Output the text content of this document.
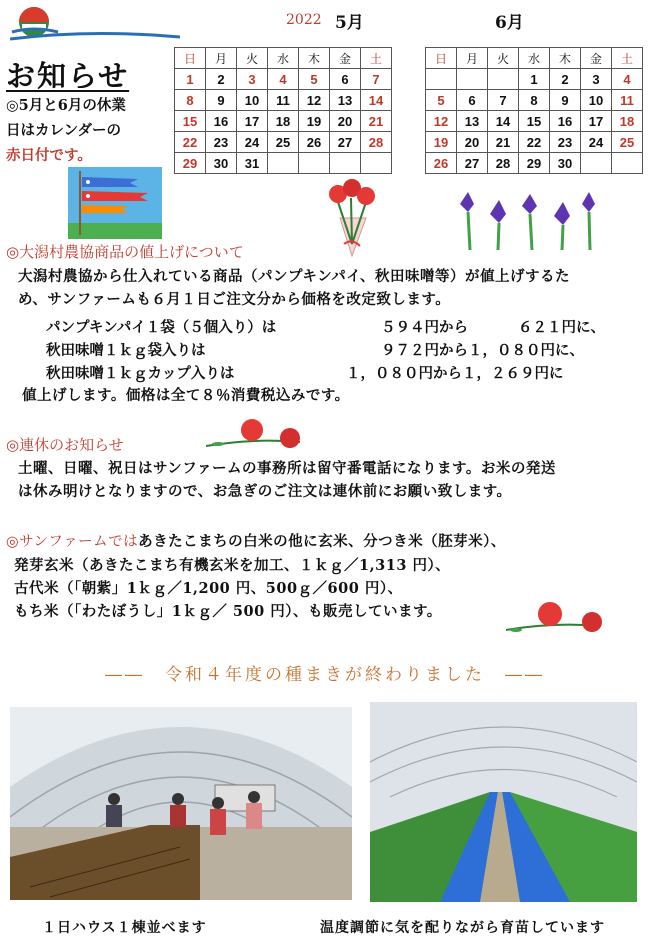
2022 5月	6月
お知らせ
◎5月と6月の休業
日はカレンダーの
赤日付です。
日	月	火	水	木	金	土
1	2	3	4	5	6	7
8	9	10	11	12	13	14
15	16	17	18	19	20	21
22	23	24	25	26	27	28
29	30	31				
日	月	火	水	木	金	土
			1	2	3	4
5	6	7	8	9	10	11
12	13	14	15	16	17	18
19	20	21	22	23	24	25
26	27	28	29	30		
◎大潟村農協商品の値上げについて
大潟村農協から仕入れている商品（パンプキンパイ、秋田味噌等）が値上げするた
め、サンファームも６月１日ご注文分から価格を改定致します。
パンプキンパイ１袋（５個入り）は	５９４円から	６２１円に、
秋田味噌１ｋｇ袋入りは	９７２円から１，０８０円に、
秋田味噌１ｋｇカップ入りは	１，０８０円から１，２６９円に
値上げします。価格は全て８％消費税込みです。
◎連休のお知らせ
土曜、日曜、祝日はサンファームの事務所は留守番電話になります。お米の発送
は休み明けとなりますので、お急ぎのご注文は連休前にお願い致します。
◎サンファームではあきたこまちの白米の他に玄米、分つき米（胚芽米）、
発芽玄米（あきたこまち有機玄米を加工、１ｋｇ／1,313 円）、
古代米（「朝紫」1ｋｇ／1,200 円、500ｇ／600 円）、
もち米（「わたぼうし」1ｋｇ／ 500 円）、も販売しています。
――　令和４年度の種まきが終わりました　――
１日ハウス１棟並べます	温度調節に気を配りながら育苗しています
